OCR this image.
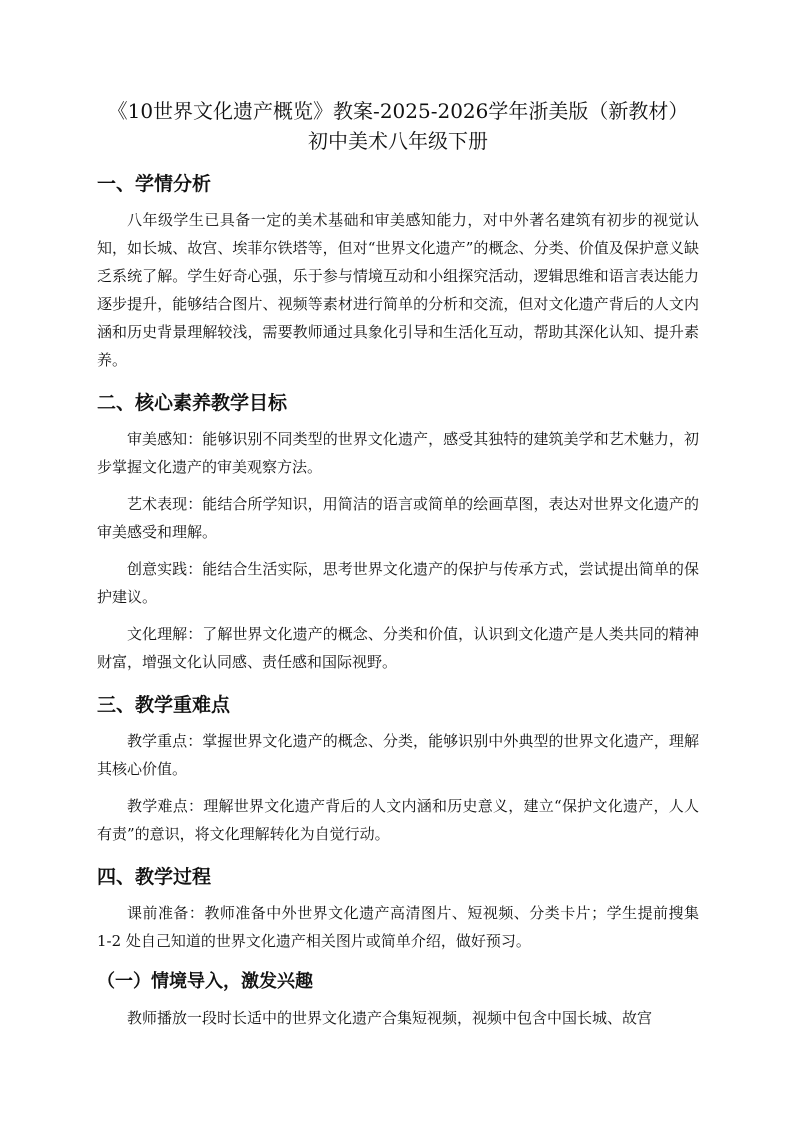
《10世界文化遗产概览》教案-2025-2026学年浙美版（新教材）

初中美术八年级下册

一、学情分析

八年级学生已具备一定的美术基础和审美感知能力，对中外著名建筑有初步的视觉认知，如长城、故宫、埃菲尔铁塔等，但对“世界文化遗产”的概念、分类、价值及保护意义缺乏系统了解。学生好奇心强，乐于参与情境互动和小组探究活动，逻辑思维和语言表达能力逐步提升，能够结合图片、视频等素材进行简单的分析和交流，但对文化遗产背后的人文内涵和历史背景理解较浅，需要教师通过具象化引导和生活化互动，帮助其深化认知、提升素养。

二、核心素养教学目标

审美感知：能够识别不同类型的世界文化遗产，感受其独特的建筑美学和艺术魅力，初步掌握文化遗产的审美观察方法。

艺术表现：能结合所学知识，用简洁的语言或简单的绘画草图，表达对世界文化遗产的审美感受和理解。

创意实践：能结合生活实际，思考世界文化遗产的保护与传承方式，尝试提出简单的保护建议。

文化理解：了解世界文化遗产的概念、分类和价值，认识到文化遗产是人类共同的精神财富，增强文化认同感、责任感和国际视野。

三、教学重难点

教学重点：掌握世界文化遗产的概念、分类，能够识别中外典型的世界文化遗产，理解其核心价值。

教学难点：理解世界文化遗产背后的人文内涵和历史意义，建立“保护文化遗产，人人有责”的意识，将文化理解转化为自觉行动。

四、教学过程

课前准备：教师准备中外世界文化遗产高清图片、短视频、分类卡片；学生提前搜集 1-2 处自己知道的世界文化遗产相关图片或简单介绍，做好预习。

（一）情境导入，激发兴趣

教师播放一段时长适中的世界文化遗产合集短视频，视频中包含中国长城、故宫
